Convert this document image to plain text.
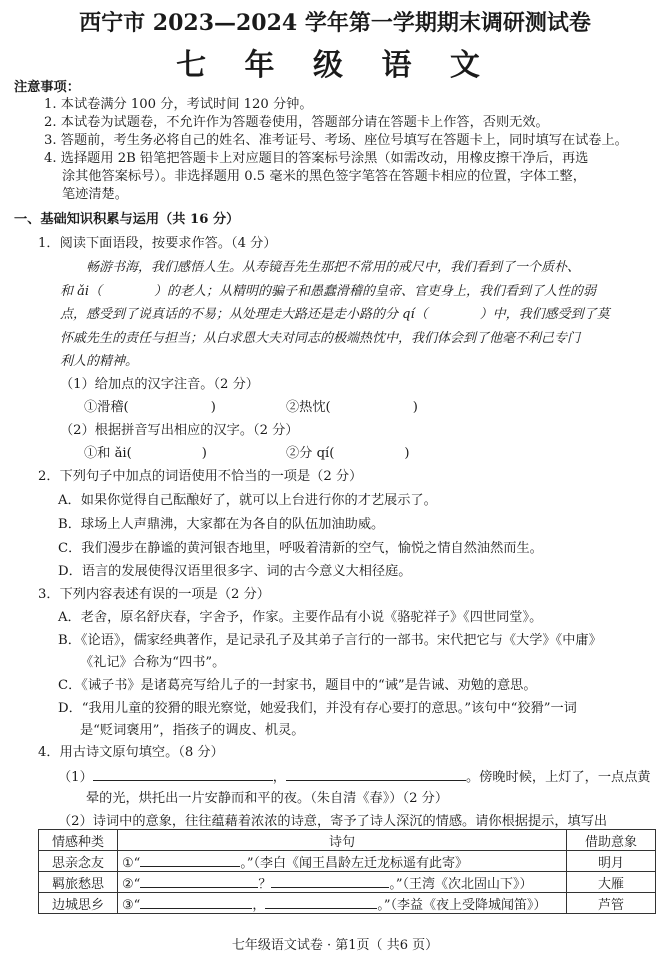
西宁市 2023—2024 学年第一学期期末调研测试卷
七 年 级 语 文
注意事项：
1. 本试卷满分 100 分，考试时间 120 分钟。
2. 本试卷为试题卷，不允许作为答题卷使用，答题部分请在答题卡上作答，否则无效。
3. 答题前，考生务必将自己的姓名、准考证号、考场、座位号填写在答题卡上，同时填写在试卷上。
4. 选择题用 2B 铅笔把答题卡上对应题目的答案标号涂黑（如需改动，用橡皮擦干净后，再选
涂其他答案标号）。非选择题用 0.5 毫米的黑色签字笔答在答题卡相应的位置，字体工整，
笔迹清楚。
一、基础知识积累与运用（共 16 分）
1．阅读下面语段，按要求作答。（4 分）
畅游书海，我们感悟人生。从寿镜吾先生那把不常用的戒尺中，我们看到了一个质朴、
和 ǎi（　　　　）的老人；从精明的骗子和愚蠢滑稽的皇帝、官吏身上，我们看到了人性的弱
点，感受到了说真话的不易；从处理走大路还是走小路的分 qí（　　　　）中，我们感受到了莫
怀戚先生的责任与担当；从白求恩大夫对同志的极端热忱中，我们体会到了他毫不利己专门
利人的精神。
（1）给加点的汉字注音。（2 分）
①滑稽(	)	②热忱(	)
（2）根据拼音写出相应的汉字。（2 分）
①和 ǎi(	)	②分 qí(	)
2．下列句子中加点的词语使用不恰当的一项是（2 分）
A．如果你觉得自己酝酿好了，就可以上台进行你的才艺展示了。
B．球场上人声鼎沸，大家都在为各自的队伍加油助威。
C．我们漫步在静谧的黄河银杏地里，呼吸着清新的空气，愉悦之情自然油然而生。
D．语言的发展使得汉语里很多字、词的古今意义大相径庭。
3．下列内容表述有误的一项是（2 分）
A．老舍，原名舒庆春，字舍予，作家。主要作品有小说《骆驼祥子》《四世同堂》。
B．《论语》，儒家经典著作，是记录孔子及其弟子言行的一部书。宋代把它与《大学》《中庸》
《礼记》合称为“四书”。
C．《诫子书》是诸葛亮写给儿子的一封家书，题目中的“诫”是告诫、劝勉的意思。
D．“我用儿童的狡猾的眼光察觉，她爱我们，并没有存心要打的意思。”该句中“狡猾”一词
是“贬词褒用”，指孩子的调皮、机灵。
4．用古诗文原句填空。（8 分）
（1）	，	。傍晚时候，上灯了，一点点黄
晕的光，烘托出一片安静而和平的夜。（朱自清《春》）（2 分）
（2）诗词中的意象，往往蕴藉着浓浓的诗意，寄予了诗人深沉的情感。请你根据提示，填写出
情感种类	诗句	借助意象
思亲念友	①“ 。”（李白《闻王昌龄左迁龙标遥有此寄》	明月
羁旅愁思	②“ ？ 。”（王湾《次北固山下》）	大雁
边城思乡	③“ ， 。”（李益《夜上受降城闻笛》）	芦管
七年级语文试卷 · 第1页（ 共6 页）
